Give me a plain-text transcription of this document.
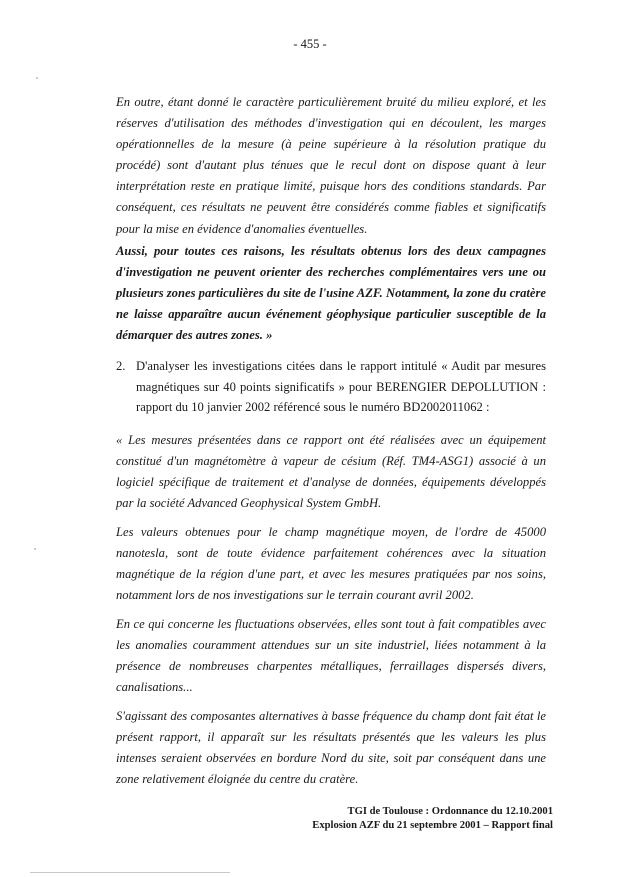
- 455 -

En outre, étant donné le caractère particulièrement bruité du milieu exploré, et les réserves d'utilisation des méthodes d'investigation qui en découlent, les marges opérationnelles de la mesure (à peine supérieure à la résolution pratique du procédé) sont d'autant plus ténues que le recul dont on dispose quant à leur interprétation reste en pratique limité, puisque hors des conditions standards. Par conséquent, ces résultats ne peuvent être considérés comme fiables et significatifs pour la mise en évidence d'anomalies éventuelles.

Aussi, pour toutes ces raisons, les résultats obtenus lors des deux campagnes d'investigation ne peuvent orienter des recherches complémentaires vers une ou plusieurs zones particulières du site de l'usine AZF. Notamment, la zone du cratère ne laisse apparaître aucun événement géophysique particulier susceptible de la démarquer des autres zones. »

2. D'analyser les investigations citées dans le rapport intitulé « Audit par mesures magnétiques sur 40 points significatifs » pour BERENGIER DEPOLLUTION : rapport du 10 janvier 2002 référencé sous le numéro BD2002011062 :

« Les mesures présentées dans ce rapport ont été réalisées avec un équipement constitué d'un magnétomètre à vapeur de césium (Réf. TM4-ASG1) associé à un logiciel spécifique de traitement et d'analyse de données, équipements développés par la société Advanced Geophysical System GmbH.

Les valeurs obtenues pour le champ magnétique moyen, de l'ordre de 45000 nanotesla, sont de toute évidence parfaitement cohérences avec la situation magnétique de la région d'une part, et avec les mesures pratiquées par nos soins, notamment lors de nos investigations sur le terrain courant avril 2002.

En ce qui concerne les fluctuations observées, elles sont tout à fait compatibles avec les anomalies couramment attendues sur un site industriel, liées notamment à la présence de nombreuses charpentes métalliques, ferraillages dispersés divers, canalisations...

S'agissant des composantes alternatives à basse fréquence du champ dont fait état le présent rapport, il apparaît sur les résultats présentés que les valeurs les plus intenses seraient observées en bordure Nord du site, soit par conséquent dans une zone relativement éloignée du centre du cratère.

TGI de Toulouse : Ordonnance du 12.10.2001
Explosion AZF du 21 septembre 2001 – Rapport final
